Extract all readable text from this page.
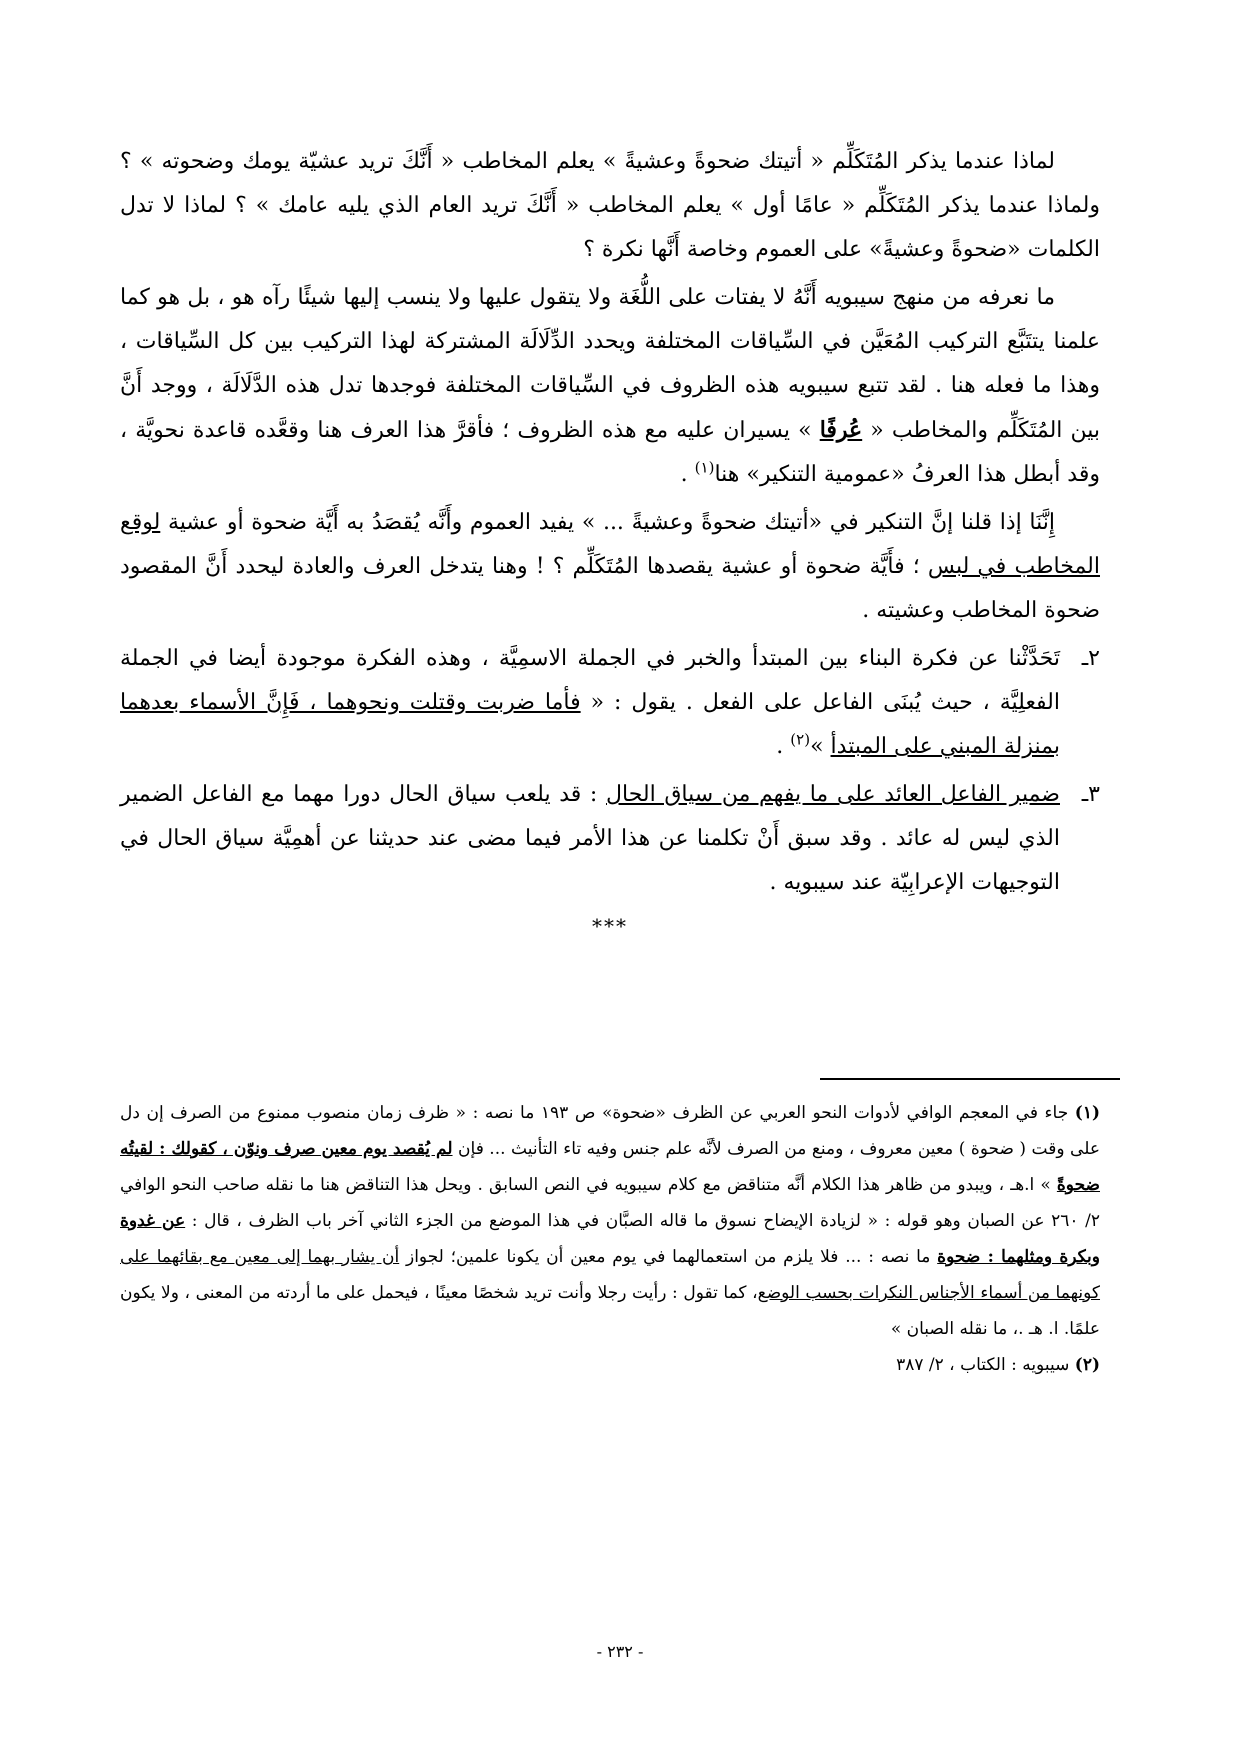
لماذا عندما يذكر المُتَكَلِّم « أتيتك ضحوةً وعشيةً » يعلم المخاطب « أَنَّكَ تريد عشيّة يومك وضحوته » ؟ ولماذا عندما يذكر المُتَكَلِّم « عامًا أول » يعلم المخاطب « أَنَّكَ تريد العام الذي يليه عامك » ؟ لماذا لا تدل الكلمات «ضحوةً وعشيةً» على العموم وخاصة أَنَّها نكرة ؟

ما نعرفه من منهج سيبويه أَنَّهُ لا يفتات على اللُّغَة ولا يتقول عليها ولا ينسب إليها شيئًا رآه هو ، بل هو كما علمنا يتتَبَّع التركيب المُعَيَّن في السِّياقات المختلفة ويحدد الدِّلَالَة المشتركة لهذا التركيب بين كل السِّياقات ، وهذا ما فعله هنا . لقد تتبع سيبويه هذه الظروف في السِّياقات المختلفة فوجدها تدل هذه الدَّلَالَة ، ووجد أَنَّ بين المُتَكَلِّم والمخاطب « عُرفًا » يسيران عليه مع هذه الظروف ؛ فأقرَّ هذا العرف هنا وقعَّده قاعدة نحويَّة ، وقد أبطل هذا العرفُ «عمومية التنكير» هنا$^{(١)}$ .

إِنَّنَا إذا قلنا إنَّ التنكير في «أتيتك ضحوةً وعشيةً ... » يفيد العموم وأَنَّه يُقصَدُ به أَيَّة ضحوة أو عشية لوقع المخاطب في لبس ؛ فأَيَّة ضحوة أو عشية يقصدها المُتَكَلِّم ؟ ! وهنا يتدخل العرف والعادة ليحدد أَنَّ المقصود ضحوة المخاطب وعشيته .

٢ـ
تَحَدَّثْنا عن فكرة البناء بين المبتدأ والخبر في الجملة الاسمِيَّة ، وهذه الفكرة موجودة أيضا في الجملة الفعلِيَّة ، حيث يُبنَى الفاعل على الفعل . يقول : « فأما ضربت وقتلت ونحوهما ، فَإِنَّ الأسماء بعدهما بمنزلة المبني على المبتدأ »$^{(٢)}$ .
٣ـ
ضمير الفاعل العائد على ما يفهم من سياق الحال : قد يلعب سياق الحال دورا مهما مع الفاعل الضمير الذي ليس له عائد . وقد سبق أَنْ تكلمنا عن هذا الأمر فيما مضى عند حديثنا عن أهمِيَّة سياق الحال في التوجيهات الإعرابِيّة عند سيبويه .
***

(١) جاء في المعجم الوافي لأدوات النحو العربي عن الظرف «ضحوة» ص ١٩٣ ما نصه : « ظرف زمان منصوب ممنوع من الصرف إن دل على وقت ( ضحوة ) معين معروف ، ومنع من الصرف لأنَّه علم جنس وفيه تاء التأنيث ... فإن لم يُقصد يوم معين صرف ونوّن ، كقولك : لقيتُه ضحوةً » ا.هـ ، ويبدو من ظاهر هذا الكلام أنَّه متناقض مع كلام سيبويه في النص السابق . ويحل هذا التناقض هنا ما نقله صاحب النحو الوافي ٢/ ٢٦٠ عن الصبان وهو قوله : « لزيادة الإيضاح نسوق ما قاله الصبَّان في هذا الموضع من الجزء الثاني آخر باب الظرف ، قال : عن غدوة وبكرة ومثلهما : ضحوة ما نصه : ... فلا يلزم من استعمالهما في يوم معين أن يكونا علمين؛ لجواز أن يشار بهما إلى معين مع بقائهما على كونهما من أسماء الأجناس النكرات بحسب الوضع، كما تقول : رأيت رجلا وأنت تريد شخصًا معينًا ، فيحمل على ما أردته من المعنى ، ولا يكون علمًا. ا. هـ .، ما نقله الصبان »

(٢) سيبويه : الكتاب ، ٢/ ٣٨٧

- ٢٣٢ -
